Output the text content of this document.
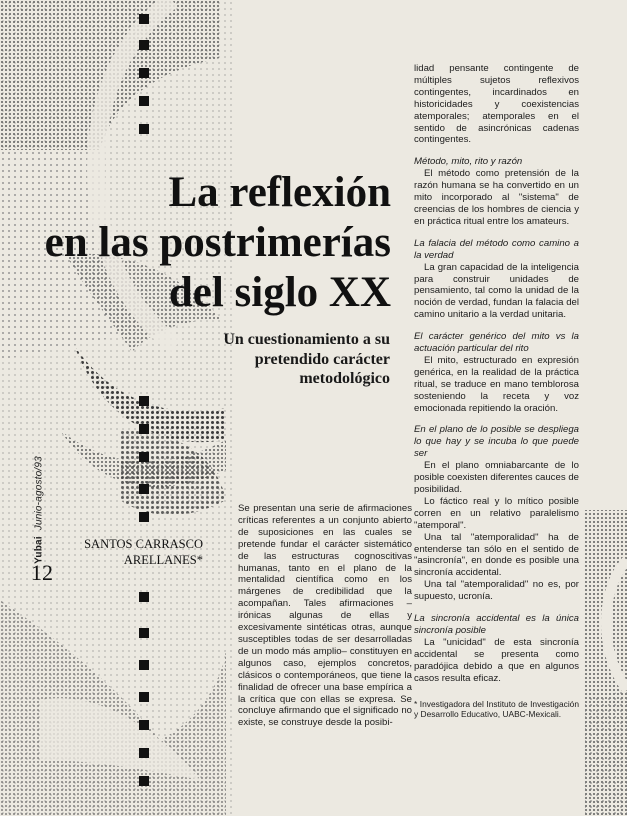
La reflexión
en las postrimerías
del siglo XX
Un cuestionamiento a su
pretendido carácter
metodológico
YubaiJunio-agosto/93
12
SANTOS CARRASCO
ARELLANES*

Se presentan una serie de afirmaciones críticas referentes a un conjunto abierto de suposiciones en las cuales se pretende fundar el carácter sistemático de las estructuras cognoscitivas humanas, tanto en el plano de la mentalidad científica como en los márgenes de credibilidad que la acompañan. Tales afirmaciones –irónicas algunas de ellas y excesivamente sintéticas otras, aunque susceptibles todas de ser desarrolladas de un modo más amplio– constituyen en algunos caso, ejemplos concretos, clásicos o contemporáneos, que tiene la finalidad de ofrecer una base empírica a la crítica que con ellas se expresa. Se concluye afirmando que el significado no existe, se construye desde la posibi-

lidad pensante contingente de múltiples sujetos reflexivos contingentes, incardinados en historicidades y coexistencias atemporales; atemporales en el sentido de asincrónicas cadenas contingentes.

Método, mito, rito y razón

El método como pretensión de la razón humana se ha convertido en un mito incorporado al "sistema" de creencias de los hombres de ciencia y en práctica ritual entre los amateurs.

La falacia del método como camino a la verdad

La gran capacidad de la inteligencia para construir unidades de pensamiento, tal como la unidad de la noción de verdad, fundan la falacia del camino unitario a la verdad unitaria.

El carácter genérico del mito vs la actuación particular del rito

El mito, estructurado en expresión genérica, en la realidad de la práctica ritual, se traduce en mano temblorosa sosteniendo la receta y voz emocionada repitiendo la oración.

En el plano de lo posible se despliega lo que hay y se incuba lo que puede ser

En el plano omniabarcante de lo posible coexisten diferentes cauces de posibilidad.

Lo fáctico real y lo mítico posible corren en un relativo paralelismo "atemporal".

Una tal "atemporalidad" ha de entenderse tan sólo en el sentido de "asincronía", en donde es posible una sincronía accidental.

Una tal "atemporalidad" no es, por supuesto, ucronía.

La sincronía accidental es la única sincronía posible

La "unicidad" de esta sincronía accidental se presenta como paradójica debido a que en algunos casos resulta eficaz.

* Investigadora del Instituto de Investigación y Desarrollo Educativo, UABC-Mexicali.
